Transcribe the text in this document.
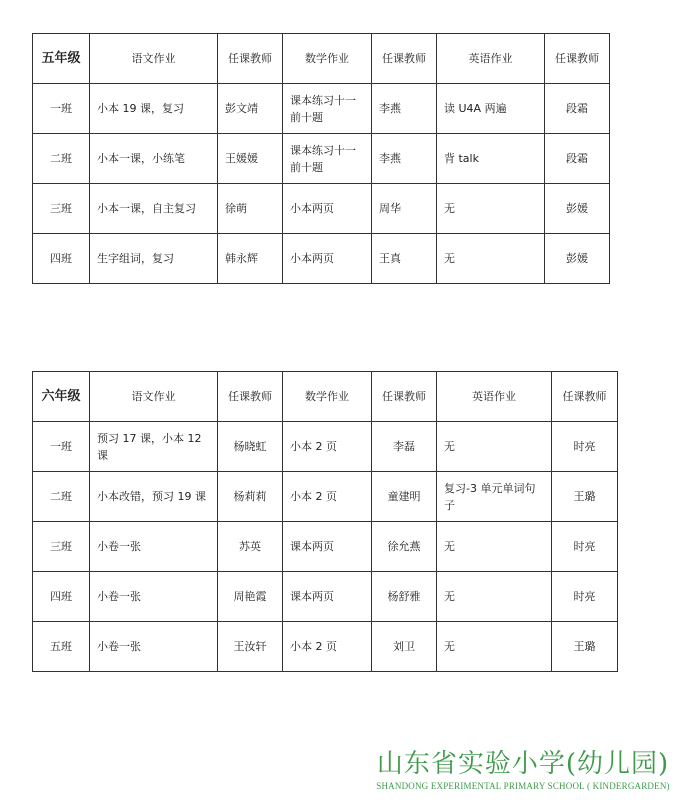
五年级	语文作业	任课教师	数学作业	任课教师	英语作业	任课教师
一班	小本 19 课，复习	彭文靖	课本练习十一前十题	李燕	读 U4A 两遍	段霜
二班	小本一课，小练笔	王媛媛	课本练习十一前十题	李燕	背 talk	段霜
三班	小本一课，自主复习	徐萌	小本两页	周华	无	彭媛
四班	生字组词，复习	韩永辉	小本两页	王真	无	彭媛
六年级	语文作业	任课教师	数学作业	任课教师	英语作业	任课教师
一班	预习 17 课，小本 12 课	杨晓虹	小本 2 页	李磊	无	时亮
二班	小本改错，预习 19 课	杨莉莉	小本 2 页	童建明	复习-3 单元单词句子	王璐
三班	小卷一张	苏英	课本两页	徐允燕	无	时亮
四班	小卷一张	周艳霞	课本两页	杨舒雅	无	时亮
五班	小卷一张	王汝轩	小本 2 页	刘卫	无	王璐
山东省实验小学(幼儿园)
SHANDONG EXPERIMENTAL PRIMARY SCHOOL ( KINDERGARDEN)
